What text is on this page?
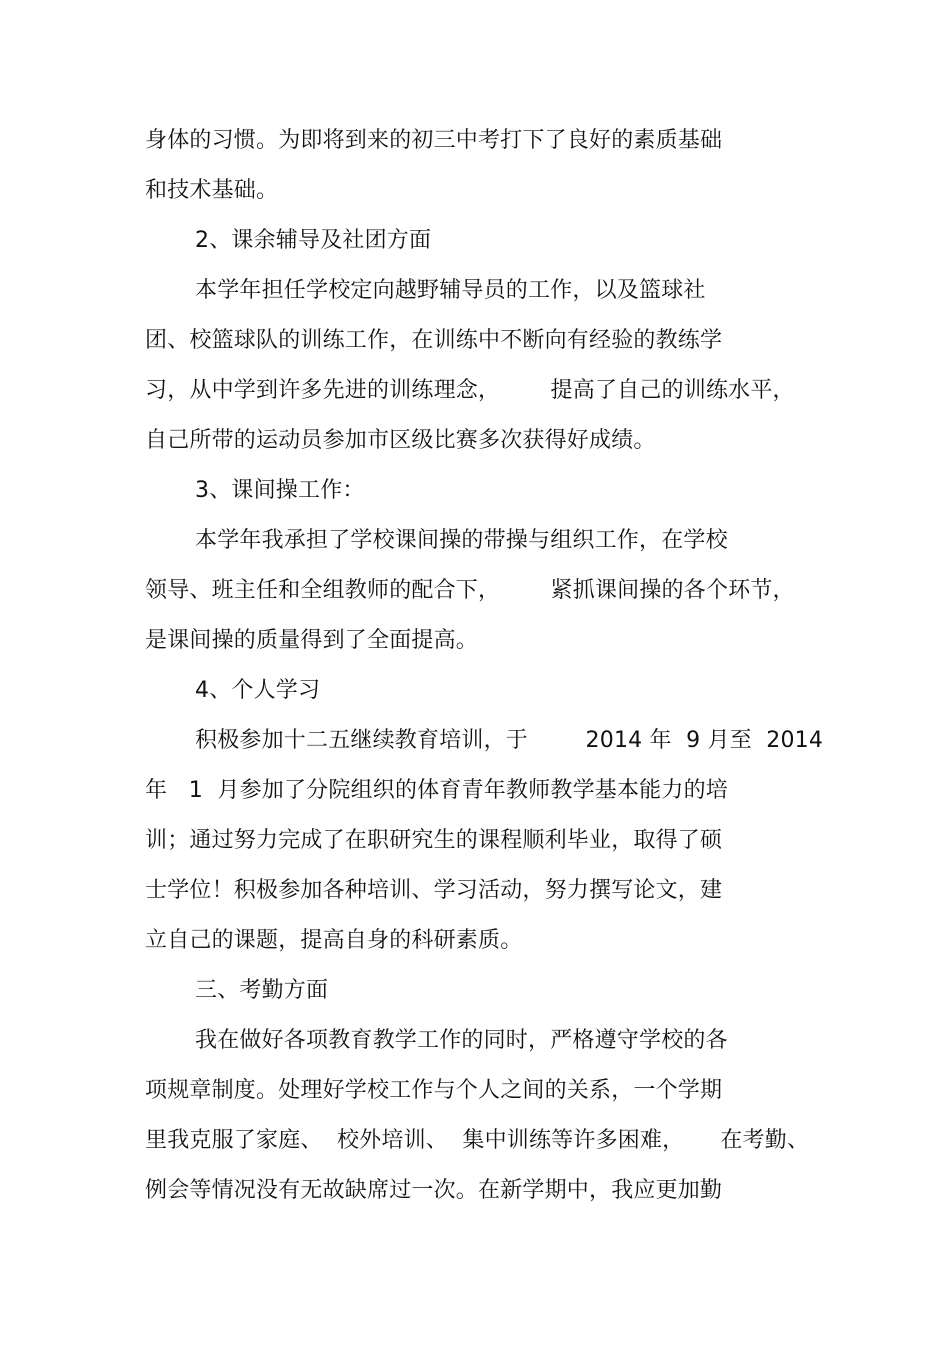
身体的习惯。为即将到来的初三中考打下了良好的素质基础
和技术基础。
2、课余辅导及社团方面
本学年担任学校定向越野辅导员的工作，以及篮球社
团、校篮球队的训练工作，在训练中不断向有经验的教练学
习，从中学到许多先进的训练理念，       提高了自己的训练水平，
自己所带的运动员参加市区级比赛多次获得好成绩。
3、课间操工作：
本学年我承担了学校课间操的带操与组织工作，在学校
领导、班主任和全组教师的配合下，       紧抓课间操的各个环节，
是课间操的质量得到了全面提高。
4、个人学习
积极参加十二五继续教育培训，于        2014 年  9 月至  2014
年   1  月参加了分院组织的体育青年教师教学基本能力的培
训；通过努力完成了在职研究生的课程顺利毕业，取得了硕
士学位！积极参加各种培训、学习活动，努力撰写论文，建
立自己的课题，提高自身的科研素质。
三、考勤方面
我在做好各项教育教学工作的同时，严格遵守学校的各
项规章制度。处理好学校工作与个人之间的关系，一个学期
里我克服了家庭、  校外培训、  集中训练等许多困难，     在考勤、
例会等情况没有无故缺席过一次。在新学期中，我应更加勤
